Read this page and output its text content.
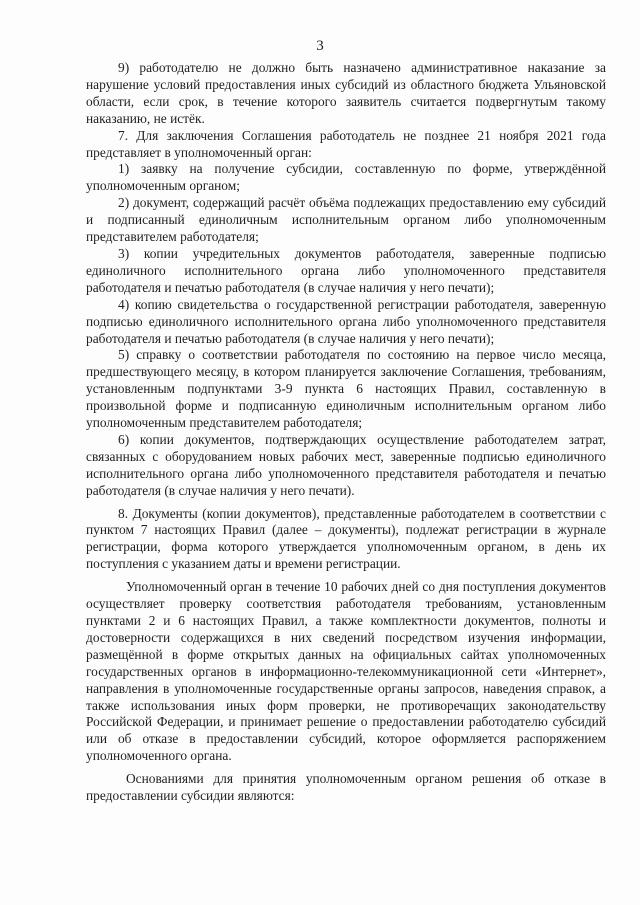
3

9) работодателю не должно быть назначено административное наказание за нарушение условий предоставления иных субсидий из областного бюджета Ульяновской области, если срок, в течение которого заявитель считается подвергнутым такому наказанию, не истёк.

7. Для заключения Соглашения работодатель не позднее 21 ноября 2021 года представляет в уполномоченный орган:

1) заявку на получение субсидии, составленную по форме, утверждённой уполномоченным органом;

2) документ, содержащий расчёт объёма подлежащих предоставлению ему субсидий и подписанный единоличным исполнительным органом либо уполномоченным представителем работодателя;

3) копии учредительных документов работодателя, заверенные подписью единоличного исполнительного органа либо уполномоченного представителя работодателя и печатью работодателя (в случае наличия у него печати);

4) копию свидетельства о государственной регистрации работодателя, заверенную подписью единоличного исполнительного органа либо уполномоченного представителя работодателя и печатью работодателя (в случае наличия у него печати);

5) справку о соответствии работодателя по состоянию на первое число месяца, предшествующего месяцу, в котором планируется заключение Соглашения, требованиям, установленным подпунктами 3-9 пункта 6 настоящих Правил, составленную в произвольной форме и подписанную единоличным исполнительным органом либо уполномоченным представителем работодателя;

6) копии документов, подтверждающих осуществление работодателем затрат, связанных с оборудованием новых рабочих мест, заверенные подписью единоличного исполнительного органа либо уполномоченного представителя работодателя и печатью работодателя (в случае наличия у него печати).

8. Документы (копии документов), представленные работодателем в соответствии с пунктом 7 настоящих Правил (далее – документы), подлежат регистрации в журнале регистрации, форма которого утверждается уполномоченным органом, в день их поступления с указанием даты и времени регистрации.

Уполномоченный орган в течение 10 рабочих дней со дня поступления документов осуществляет проверку соответствия работодателя требованиям, установленным пунктами 2 и 6 настоящих Правил, а также комплектности документов, полноты и достоверности содержащихся в них сведений посредством изучения информации, размещённой в форме открытых данных на официальных сайтах уполномоченных государственных органов в информационно-телекоммуникационной сети «Интернет», направления в уполномоченные государственные органы запросов, наведения справок, а также использования иных форм проверки, не противоречащих законодательству Российской Федерации, и принимает решение о предоставлении работодателю субсидий или об отказе в предоставлении субсидий, которое оформляется распоряжением уполномоченного органа.

Основаниями для принятия уполномоченным органом решения об отказе в предоставлении субсидии являются:
